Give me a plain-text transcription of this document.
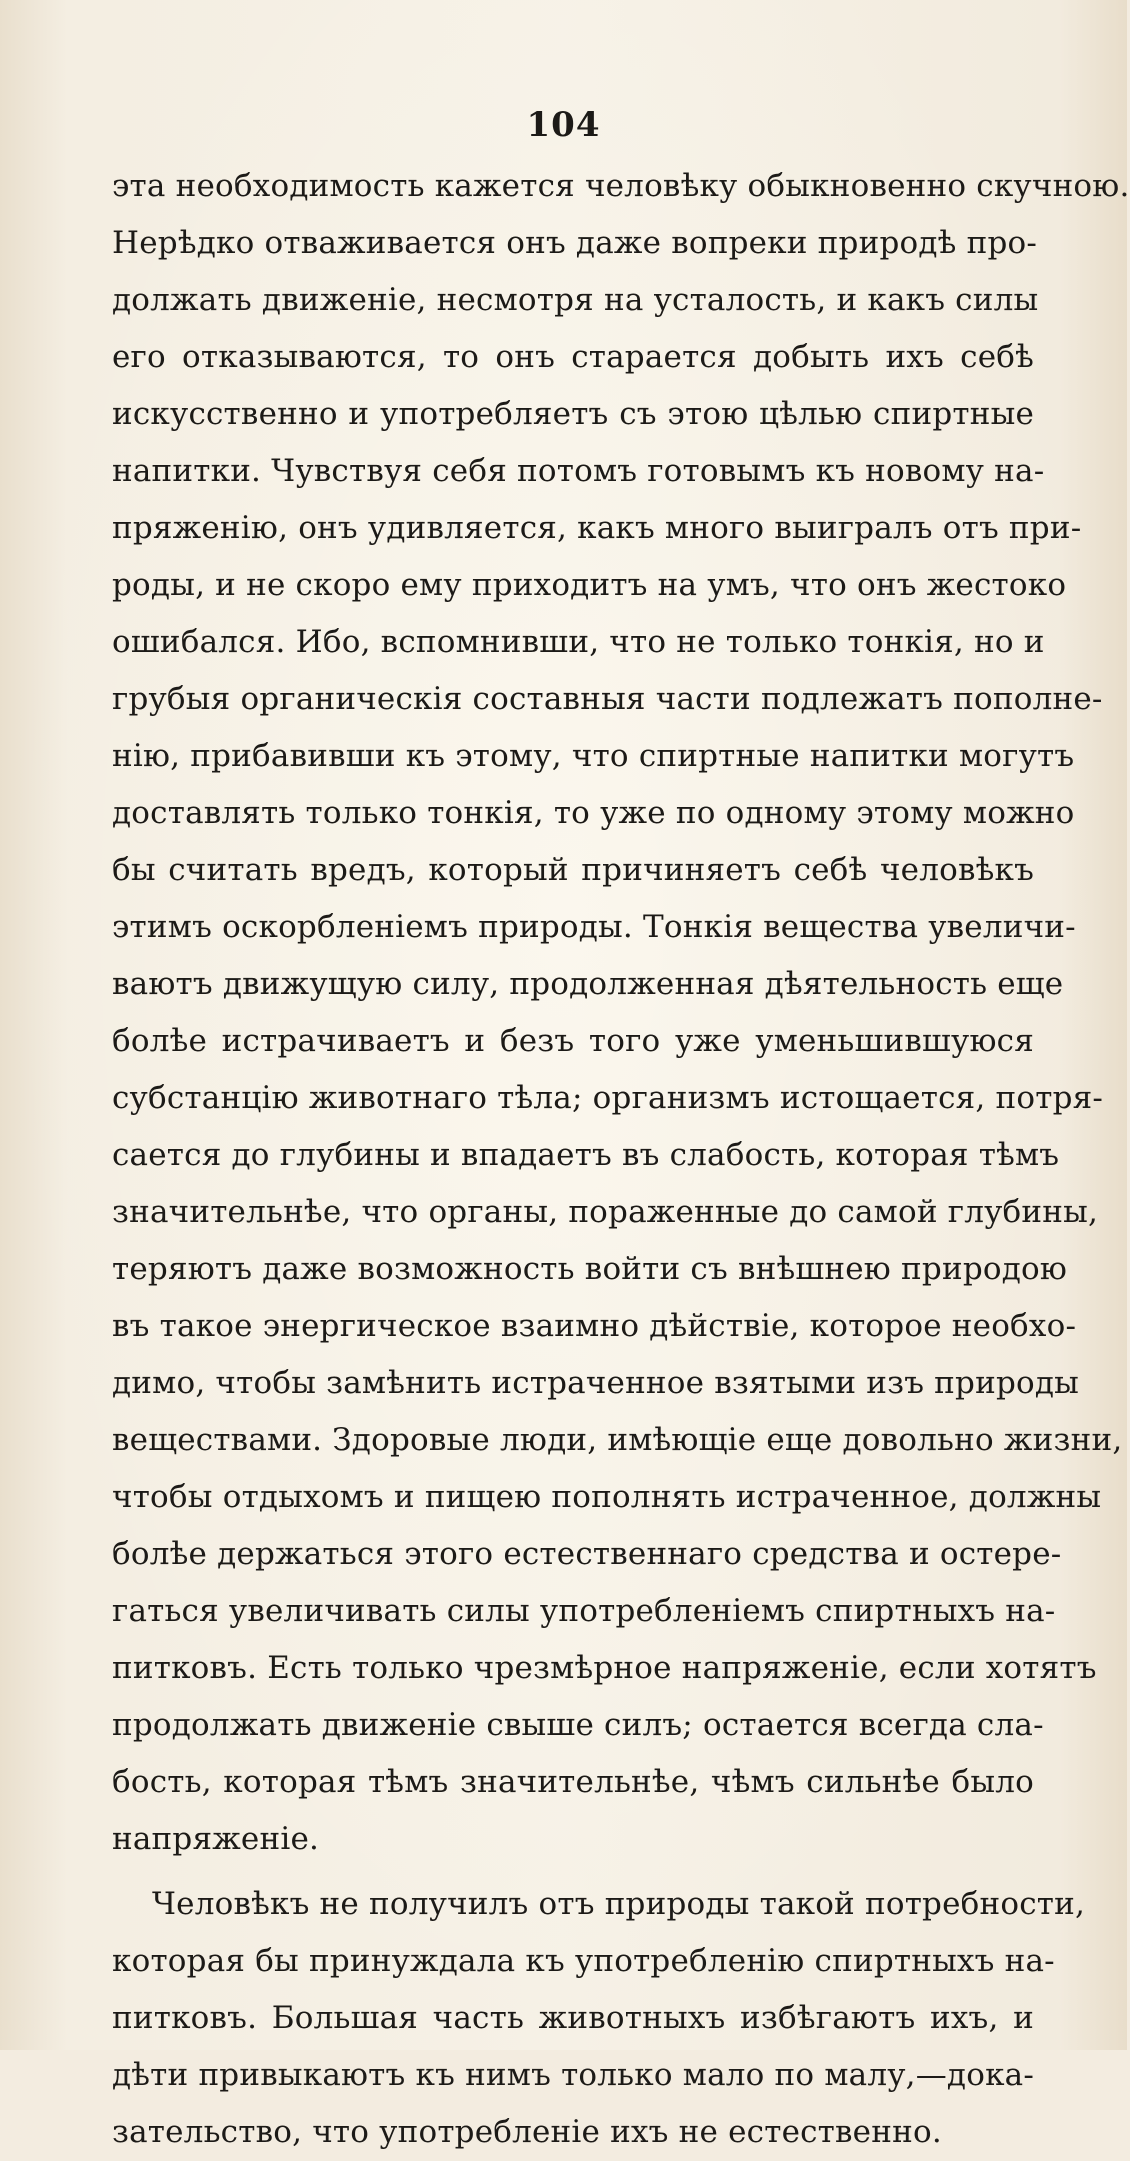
104
эта необходимость кажется человѣку обыкновенно скучною.
Нерѣдко отваживается онъ даже вопреки природѣ про-
должать движенiе, несмотря на усталость, и какъ силы
его отказываются, то онъ старается добыть ихъ себѣ
искусственно и употребляетъ съ этою цѣлью спиртные
напитки. Чувствуя себя потомъ готовымъ къ новому на-
пряженiю, онъ удивляется, какъ много выигралъ отъ при-
роды, и не скоро ему приходитъ на умъ, что онъ жестоко
ошибался. Ибо, вспомнивши, что не только тонкiя, но и
грубыя органическiя составныя части подлежатъ пополне-
нiю, прибавивши къ этому, что спиртные напитки могутъ
доставлять только тонкiя, то уже по одному этому можно
бы считать вредъ, который причиняетъ себѣ человѣкъ
этимъ оскорбленiемъ природы. Тонкiя вещества увеличи-
ваютъ движущую силу, продолженная дѣятельность еще
болѣе истрачиваетъ и безъ того уже уменьшившуюся
субстанцiю животнаго тѣла; организмъ истощается, потря-
сается до глубины и впадаетъ въ слабость, которая тѣмъ
значительнѣе, что органы, пораженные до самой глубины,
теряютъ даже возможность войти съ внѣшнею природою
въ такое энергическое взаимно дѣйствiе, которое необхо-
димо, чтобы замѣнить истраченное взятыми изъ природы
веществами. Здоровые люди, имѣющiе еще довольно жизни,
чтобы отдыхомъ и пищею пополнять истраченное, должны
болѣе держаться этого естественнаго средства и остере-
гаться увеличивать силы употребленiемъ спиртныхъ на-
питковъ. Есть только чрезмѣрное напряженiе, если хотятъ
продолжать движенiе свыше силъ; остается всегда сла-
бость, которая тѣмъ значительнѣе, чѣмъ сильнѣе было
напряженiе.
Человѣкъ не получилъ отъ природы такой потребности,
которая бы принуждала къ употребленiю спиртныхъ на-
питковъ. Большая часть животныхъ избѣгаютъ ихъ, и
дѣти привыкаютъ къ нимъ только мало по малу,—дока-
зательство, что употребленiе ихъ не естественно.
